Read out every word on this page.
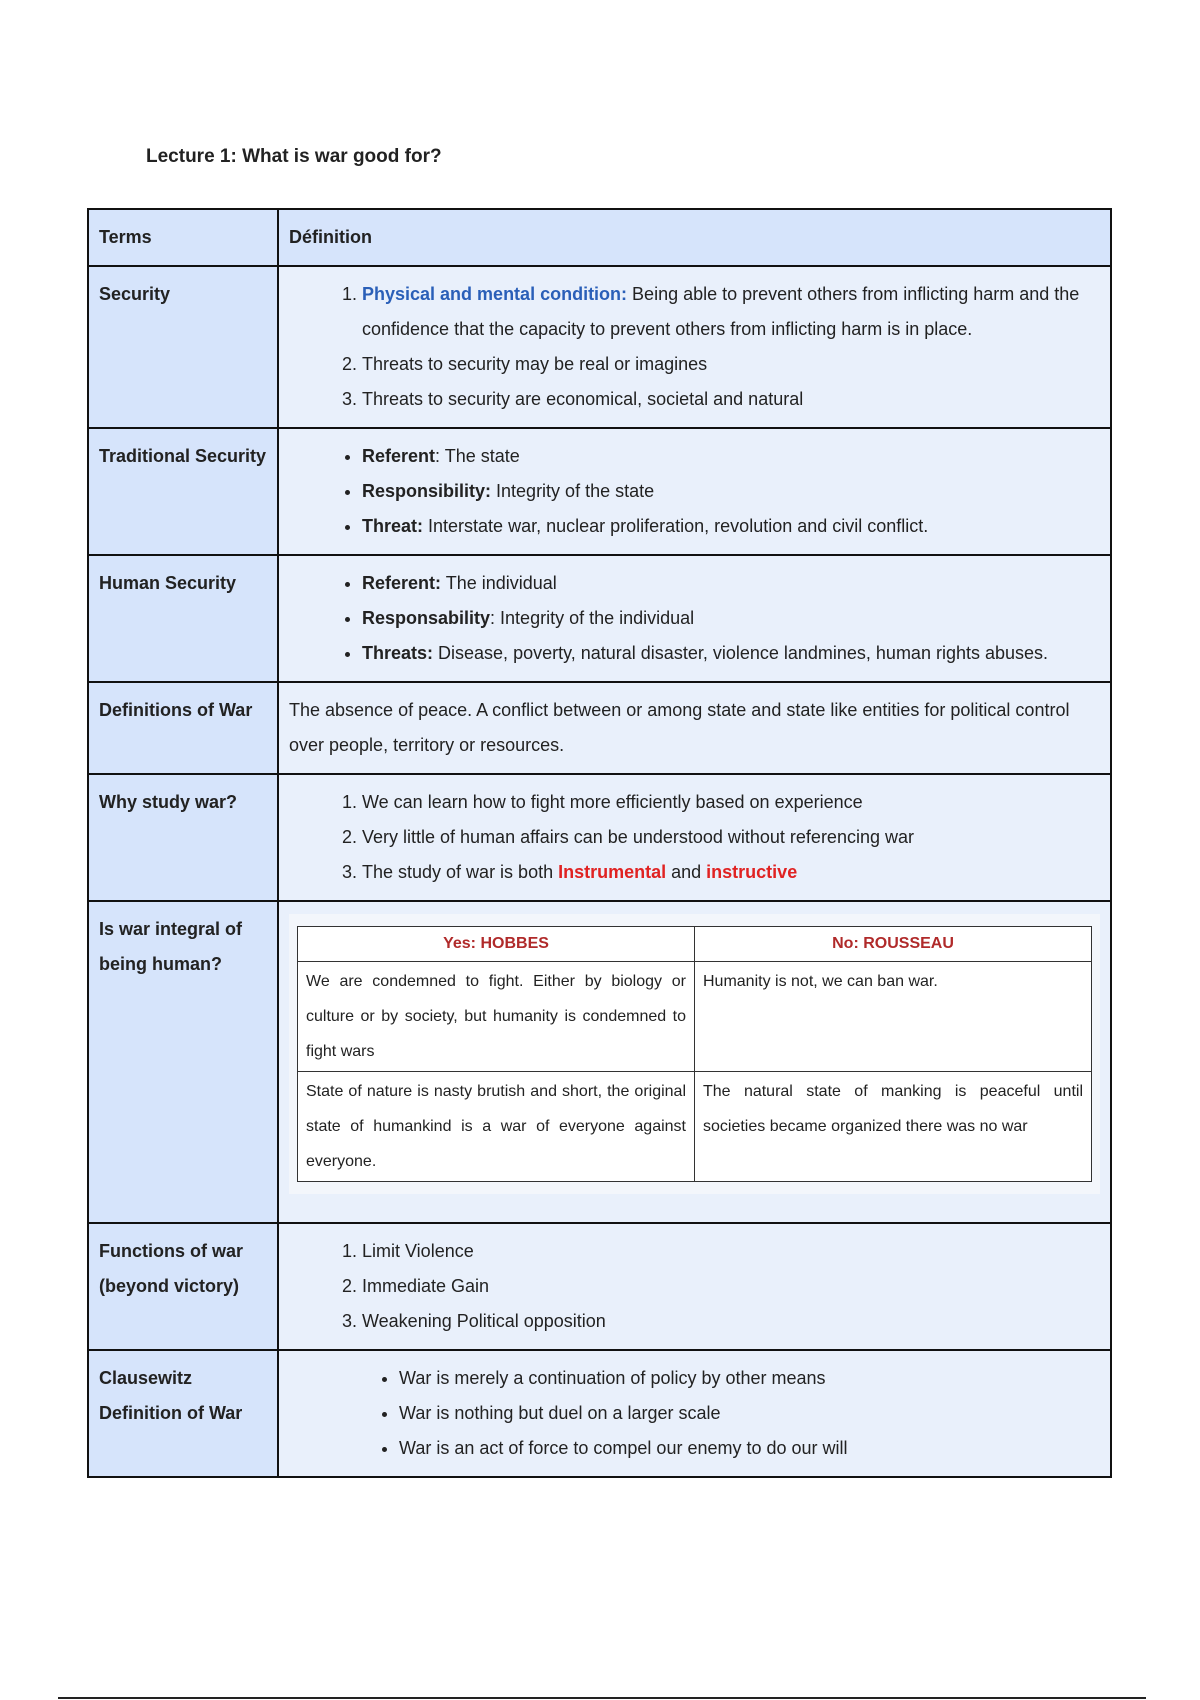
Lecture 1: What is war good for?
Terms	Définition
Security	
1.Physical and mental condition: Being able to prevent others from inflicting harm and the confidence that the capacity to prevent others from inflicting harm is in place.
2. Threats to security may be real or imagines
3. Threats to security are economical, societal and natural

Traditional Security	
•Referent: The state
• Responsibility: Integrity of the state
• Threat: Interstate war, nuclear proliferation, revolution and civil conflict.

Human Security	
•Referent: The individual
• Responsability: Integrity of the individual
• Threats: Disease, poverty, natural disaster, violence landmines, human rights abuses.

Definitions of War	The absence of peace. A conflict between or among state and state like entities for political control over people, territory or resources.
Why study war?	
1.We can learn how to fight more efficiently based on experience
2. Very little of human affairs can be understood without referencing war
3. The study of war is both Instrumental and instructive

Is war integral of being human?	
Yes: HOBBES	No: ROUSSEAU
We are condemned to fight. Either by biology or culture or by society, but humanity is condemned to fight wars	Humanity is not, we can ban war.
State of nature is nasty brutish and short, the original state of humankind is a war of everyone against everyone.	The natural state of manking is peaceful until societies became organized there was no war

Functions of war (beyond victory)	
1. Limit Violence
2. Immediate Gain
3. Weakening Political opposition

Clausewitz Definition of War	
• War is merely a continuation of policy by other means
• War is nothing but duel on a larger scale
• War is an act of force to compel our enemy to do our will
